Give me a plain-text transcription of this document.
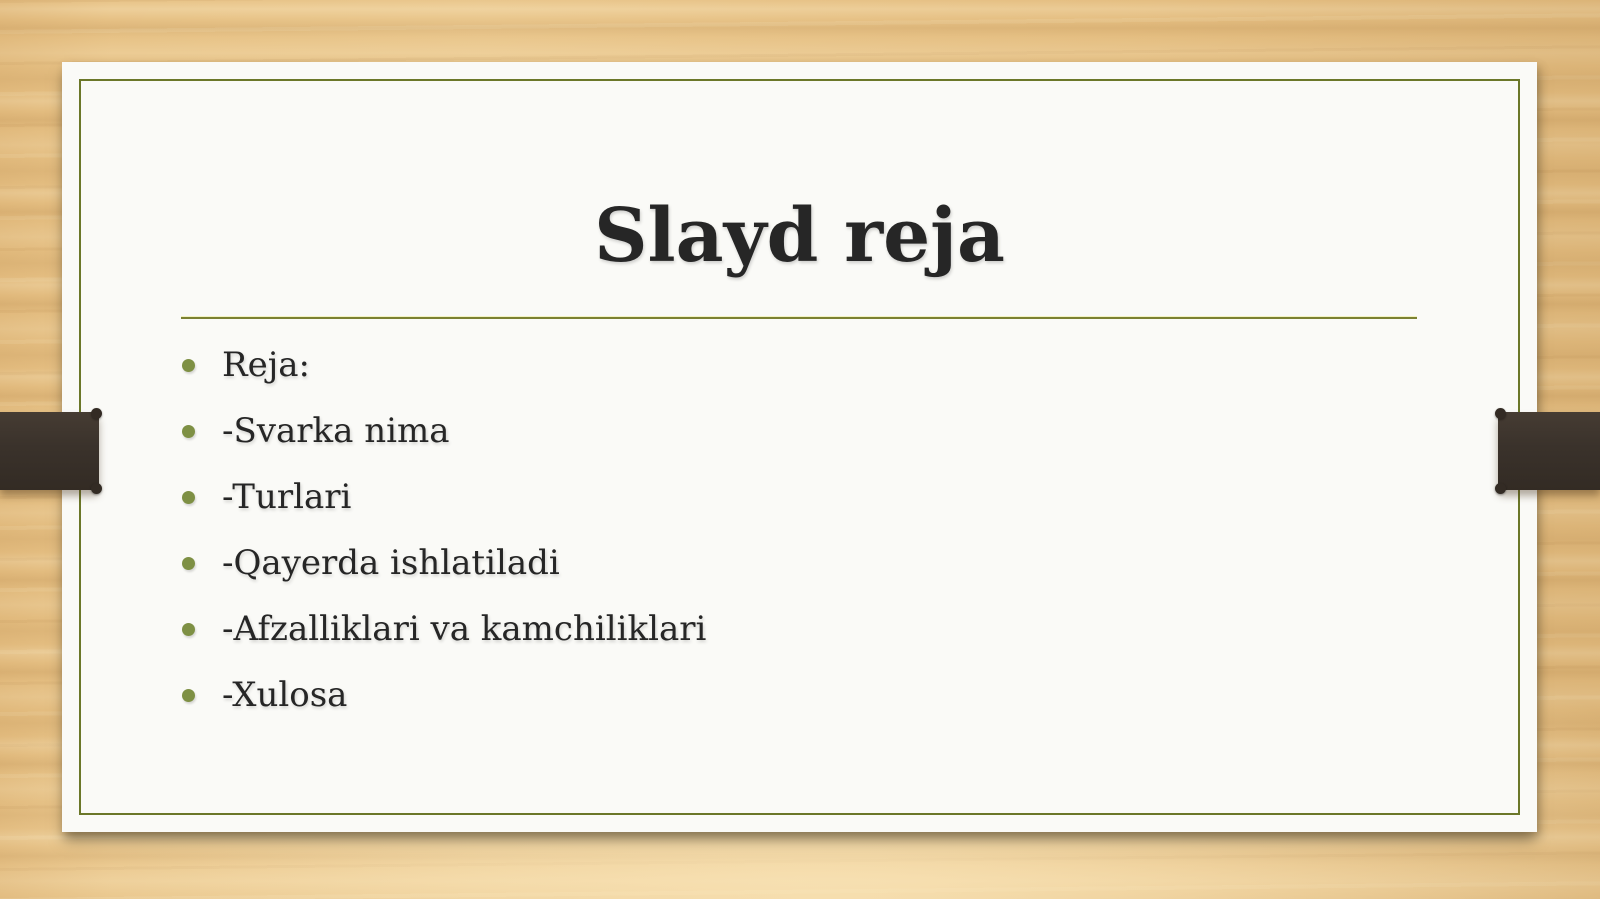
Slayd reja
Reja:
-Svarka nima
-Turlari
-Qayerda ishlatiladi
-Afzalliklari va kamchiliklari
-Xulosa
